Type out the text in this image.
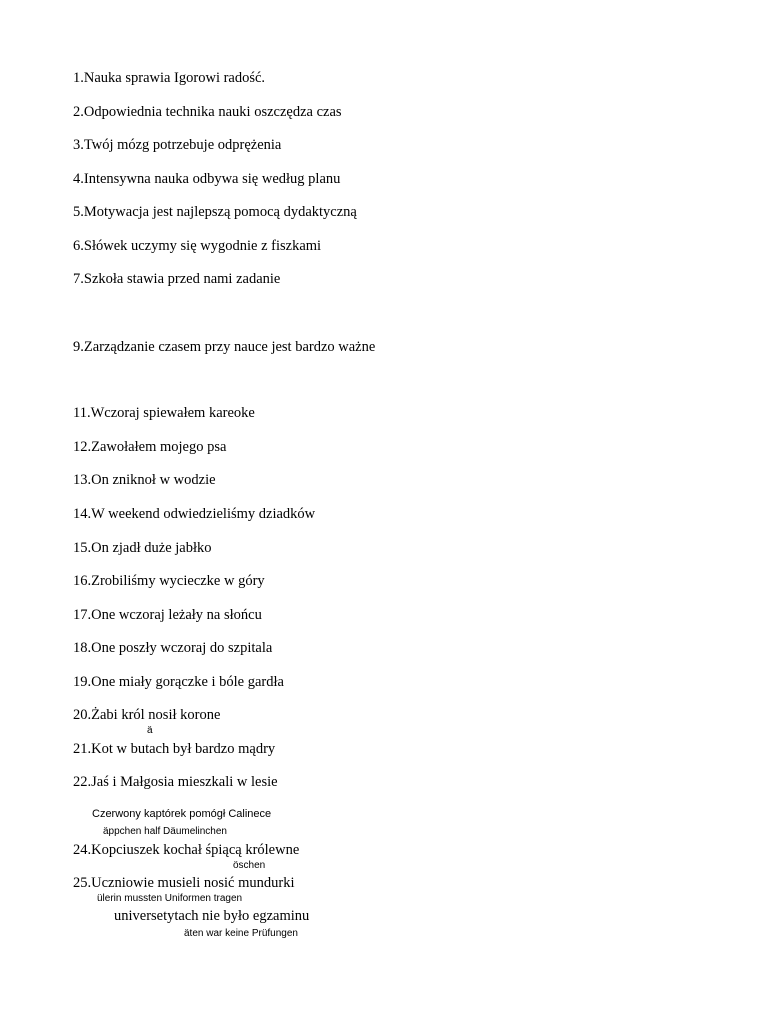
1.Nauka sprawia Igorowi radość.
2.Odpowiednia technika nauki oszczędza czas
3.Twój mózg potrzebuje odprężenia
4.Intensywna nauka odbywa się według planu
5.Motywacja jest najlepszą pomocą dydaktyczną
6.Słówek uczymy się wygodnie z fiszkami
7.Szkoła stawia przed nami zadanie
9.Zarządzanie czasem przy nauce jest bardzo ważne
11.Wczoraj spiewałem kareoke
12.Zawołałem mojego psa
13.On zniknoł w wodzie
14.W weekend odwiedzieliśmy dziadków
15.On zjadł duże jabłko
16.Zrobiliśmy wycieczke w góry
17.One wczoraj leżały na słońcu
18.One poszły wczoraj do szpitala
19.One miały gorączke i bóle gardła
20.Żabi król nosił korone
ä
21.Kot w butach był bardzo mądry
22.Jaś i Małgosia mieszkali w lesie
Czerwony kaptórek pomógł Calinece
äppchen half Däumelinchen
24.Kopciuszek kochał śpiącą królewne
öschen
25.Uczniowie musieli nosić mundurki
ülerin mussten Uniformen tragen
universetytach nie było egzaminu
äten war keine Prüfungen
